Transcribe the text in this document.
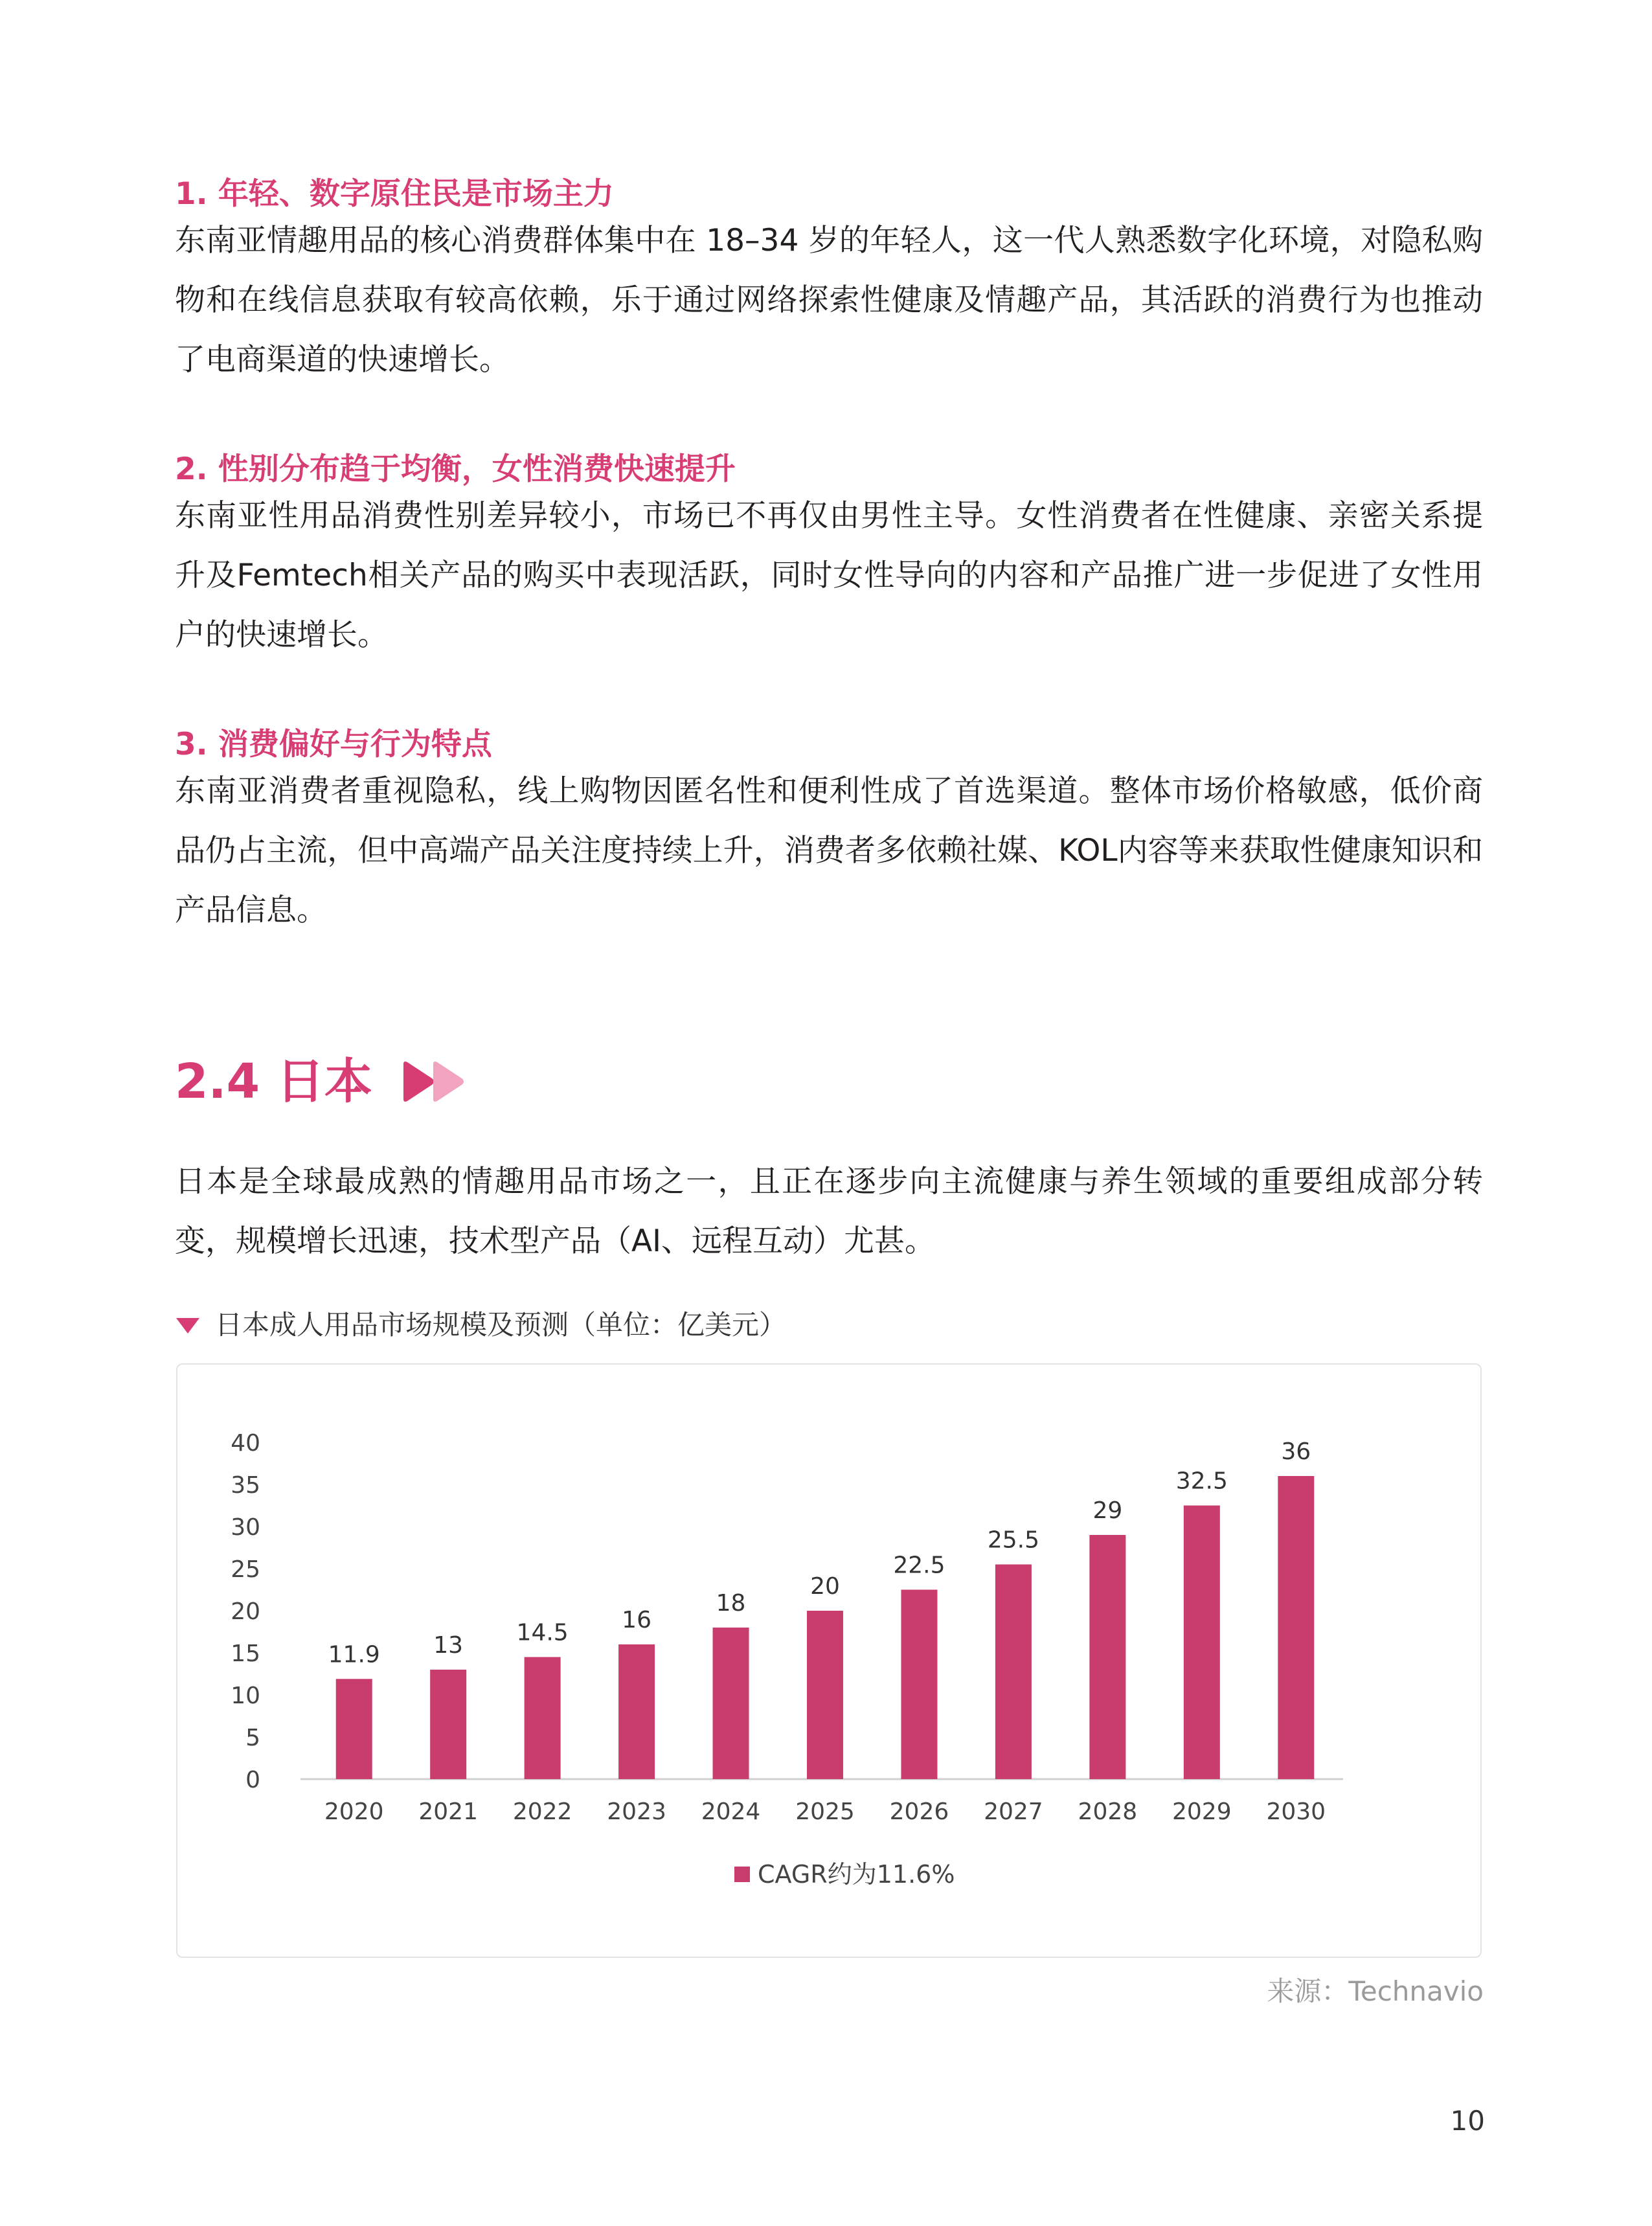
1. 年轻、数字原住民是市场主力

东南亚情趣用品的核心消费群体集中在 18–34 岁的年轻人，这一代人熟悉数字化环境，对隐私购物和在线信息获取有较高依赖，乐于通过网络探索性健康及情趣产品，其活跃的消费行为也推动了电商渠道的快速增长。

2. 性别分布趋于均衡，女性消费快速提升

东南亚性用品消费性别差异较小，市场已不再仅由男性主导。女性消费者在性健康、亲密关系提升及Femtech相关产品的购买中表现活跃，同时女性导向的内容和产品推广进一步促进了女性用户的快速增长。

3. 消费偏好与行为特点

东南亚消费者重视隐私，线上购物因匿名性和便利性成了首选渠道。整体市场价格敏感，低价商品仍占主流，但中高端产品关注度持续上升，消费者多依赖社媒、KOL内容等来获取性健康知识和产品信息。

2.4 日本

日本是全球最成熟的情趣用品市场之一，且正在逐步向主流健康与养生领域的重要组成部分转变，规模增长迅速，技术型产品（AI、远程互动）尤甚。

日本成人用品市场规模及预测（单位：亿美元）
0
5
10
15
20
25
30
35
40
11.9 13 14.5 16
18
20
22.5
25.5
29
32.5
36
2020 2021 2022 2023 2024 2025 2026 2027 2028 2029 2030
CAGR约为11.6%
来源：Technavio
10
